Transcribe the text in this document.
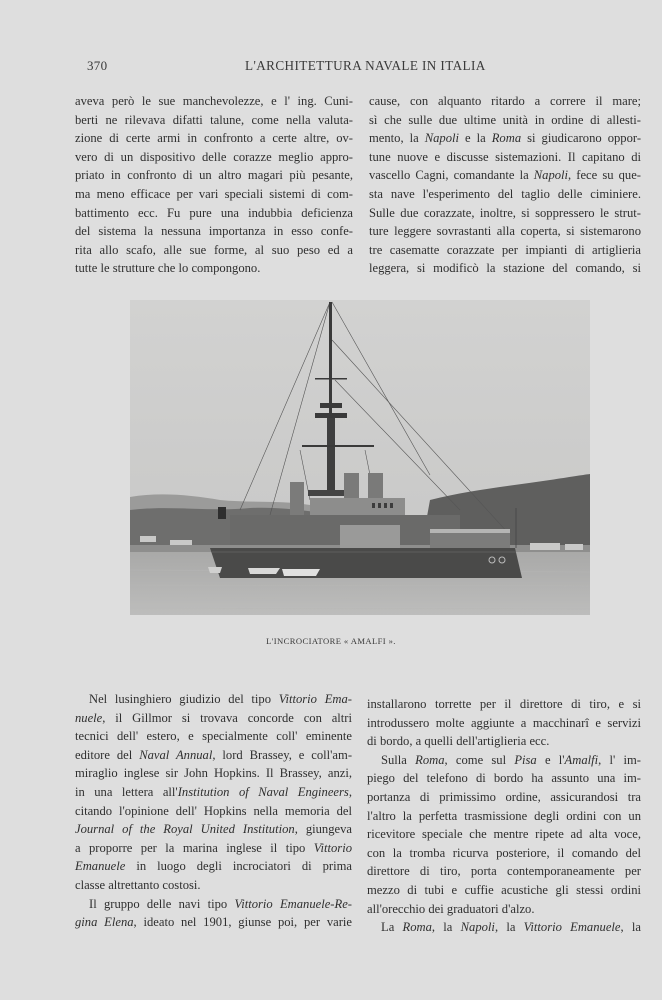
370	L'ARCHITETTURA NAVALE IN ITALIA
aveva però le sue manchevolezze, e l' ing. Cuni-
berti ne rilevava difatti talune, come nella valuta-
zione di certe armi in confronto a certe altre, ov-
vero di un dispositivo delle corazze meglio appro-
priato in confronto di un altro magari più pesante,
ma meno efficace per vari speciali sistemi di com-
battimento ecc. Fu pure una indubbia deficienza
del sistema la nessuna importanza in esso confe-
rita allo scafo, alle sue forme, al suo peso ed a
tutte le strutture che lo compongono.
cause, con alquanto ritardo a correre il mare;
sì che sulle due ultime unità in ordine di allesti-
mento, la Napoli e la Roma si giudicarono oppor-
tune nuove e discusse sistemazioni. Il capitano di
vascello Cagni, comandante la Napoli, fece su que-
sta nave l'esperimento del taglio delle ciminiere.
Sulle due corazzate, inoltre, si soppressero le strut-
ture leggere sovrastanti alla coperta, si sistemarono
tre casematte corazzate per impianti di artiglieria
leggera, si modificò la stazione del comando, si
L'INCROCIATORE « AMALFI ».
Nel lusinghiero giudizio del tipo Vittorio Ema-
nuele, il Gillmor si trovava concorde con altri
tecnici dell' estero, e specialmente coll' eminente
editore del Naval Annual, lord Brassey, e coll'am-
miraglio inglese sir John Hopkins. Il Brassey, anzi,
in una lettera all'Institution of Naval Engineers,
citando l'opinione dell' Hopkins nella memoria del
Journal of the Royal United Institution, giungeva
a proporre per la marina inglese il tipo Vittorio
Emanuele in luogo degli incrociatori di prima
classe altrettanto costosi.
Il gruppo delle navi tipo Vittorio Emanuele-Re-
gina Elena, ideato nel 1901, giunse poi, per varie
installarono torrette per il direttore di tiro, e si
introdussero molte aggiunte a macchinarî e servizi
di bordo, a quelli dell'artiglieria ecc.
Sulla Roma, come sul Pisa e l'Amalfi, l' im-
piego del telefono di bordo ha assunto una im-
portanza di primissimo ordine, assicurandosi tra
l'altro la perfetta trasmissione degli ordini con un
ricevitore speciale che mentre ripete ad alta voce,
con la tromba ricurva posteriore, il comando del
direttore di tiro, porta contemporaneamente per
mezzo di tubi e cuffie acustiche gli stessi ordini
all'orecchio dei graduatori d'alzo.
La Roma, la Napoli, la Vittorio Emanuele, la
